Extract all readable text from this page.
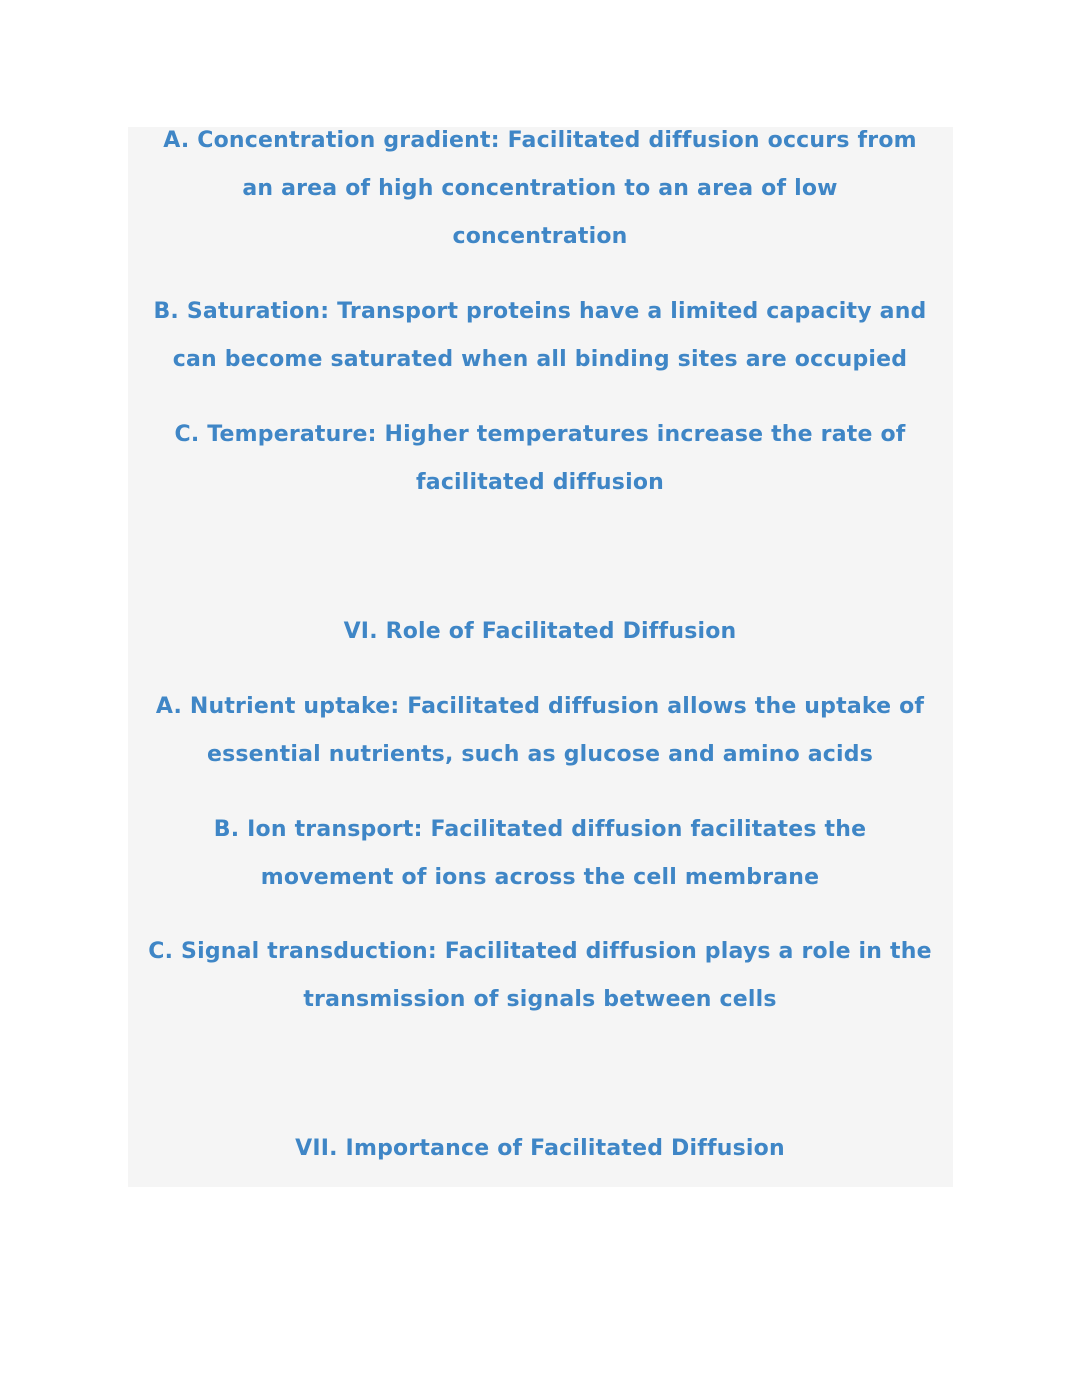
A. Concentration gradient: Facilitated diffusion occurs from
an area of high concentration to an area of low
concentration
B. Saturation: Transport proteins have a limited capacity and
can become saturated when all binding sites are occupied
C. Temperature: Higher temperatures increase the rate of
facilitated diffusion
VI. Role of Facilitated Diffusion
A. Nutrient uptake: Facilitated diffusion allows the uptake of
essential nutrients, such as glucose and amino acids
B. Ion transport: Facilitated diffusion facilitates the
movement of ions across the cell membrane
C. Signal transduction: Facilitated diffusion plays a role in the
transmission of signals between cells
VII. Importance of Facilitated Diffusion
